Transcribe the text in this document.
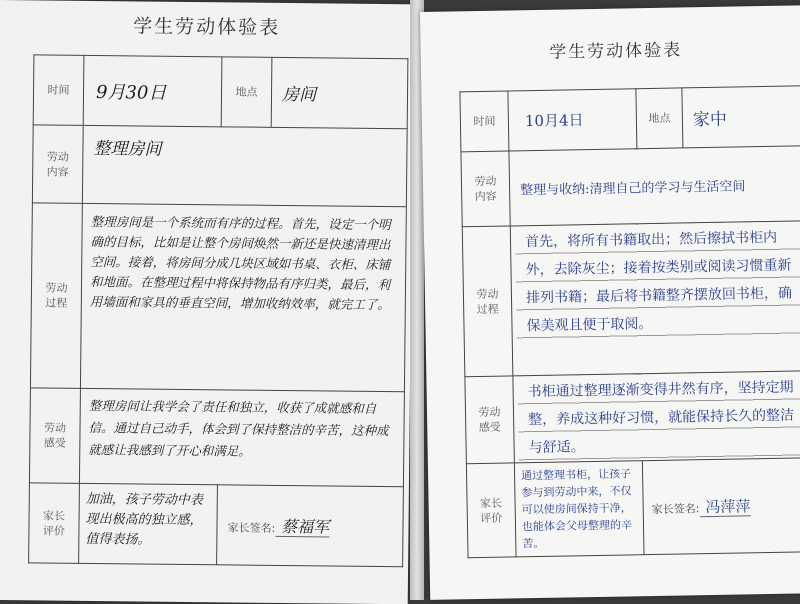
学生劳动体验表
时间	9月30日	地点	房间

劳动内容	整理房间		

劳动过程	整理房间是一个系统而有序的过程。首先，设定一个明确的目标，比如是让整个房间焕然一新还是快速清理出空间。接着，将房间分成几块区域如书桌、衣柜、床铺和地面。在整理过程中将保持物品有序归类，最后，利用墙面和家具的垂直空间，增加收纳效率，就完工了。		

劳动感受	整理房间让我学会了责任和独立，收获了成就感和自信。通过自己动手，体会到了保持整洁的辛苦，这种成就感让我感到了开心和满足。		

家长评价	加油，孩子劳动中表现出极高的独立感，值得表扬。	家长签名: 蔡福军	
学生劳动体验表
时间	10月4日	地点	家中

劳动内容	整理与收纳:清理自己的学习与生活空间		

劳动过程	首先，将所有书籍取出；然后擦拭书柜内外，去除灰尘；接着按类别或阅读习惯重新排列书籍；最后将书籍整齐摆放回书柜，确保美观且便于取阅。		

劳动感受	书柜通过整理逐渐变得井然有序，坚持定期整，养成这种好习惯，就能保持长久的整洁与舒适。		

家长评价	通过整理书柜，让孩子参与到劳动中来，不仅可以使房间保持干净，也能体会父母整理的辛苦。	家长签名: 冯萍萍	
